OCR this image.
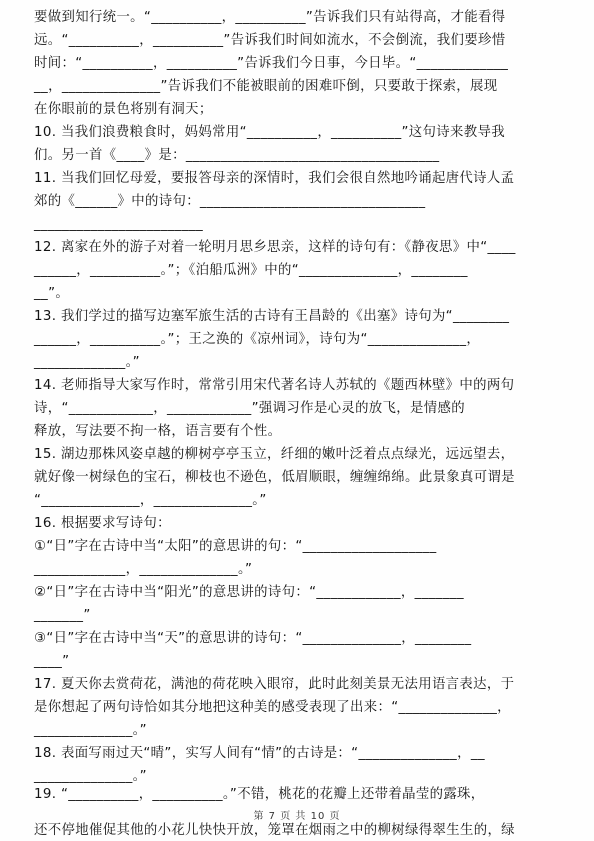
要做到知行统一。“__________，__________”告诉我们只有站得高，才能看得
远。“__________，__________”告诉我们时间如流水，不会倒流，我们要珍惜
时间：“__________，__________”告诉我们今日事，今日毕。“_____________
__，______________”告诉我们不能被眼前的困难吓倒，只要敢于探索，展现
在你眼前的景色将别有洞天；
10. 当我们浪费粮食时，妈妈常用“__________，__________”这句诗来教导我
们。另一首《____》是：____________________________________
11. 当我们回忆母爱，要报答母亲的深情时，我们会很自然地吟诵起唐代诗人孟
郊的《______》中的诗句：________________________________
________________________
12. 离家在外的游子对着一轮明月思乡思亲，这样的诗句有：《静夜思》中“____
______，__________。”；《泊船瓜洲》中的“______________，________
__”。
13. 我们学过的描写边塞军旅生活的古诗有王昌龄的《出塞》诗句为“________
______，__________。”；王之涣的《凉州词》，诗句为“______________，
_____________。”
14. 老师指导大家写作时，常常引用宋代著名诗人苏轼的《题西林壁》中的两句
诗，“____________，____________”强调习作是心灵的放飞，是情感的
释放，写法要不拘一格，语言要有个性。
15. 湖边那株风姿卓越的柳树亭亭玉立，纤细的嫩叶泛着点点绿光，远远望去，
就好像一树绿色的宝石，柳枝也不逊色，低眉顺眼，缠缠绵绵。此景象真可谓是
“______________，______________。”
16. 根据要求写诗句：
①“日”字在古诗中当“太阳”的意思讲的句：“___________________
_____________，______________。”
②“日”字在古诗中当“阳光”的意思讲的诗句：“____________，_______
_______”
③“日”字在古诗中当“天”的意思讲的诗句：“______________，________
____”
17. 夏天你去赏荷花，满池的荷花映入眼帘，此时此刻美景无法用语言表达，于
是你想起了两句诗恰如其分地把这种美的感受表现了出来：“______________，
______________。”
18. 表面写雨过天“晴”，实写人间有“情”的古诗是：“______________，__
______________。”
19. “__________，__________。”不错，桃花的花瓣上还带着晶莹的露珠，
还不停地催促其他的小花儿快快开放，笼罩在烟雨之中的柳树绿得翠生生的，绿
第 7 页 共 10 页
